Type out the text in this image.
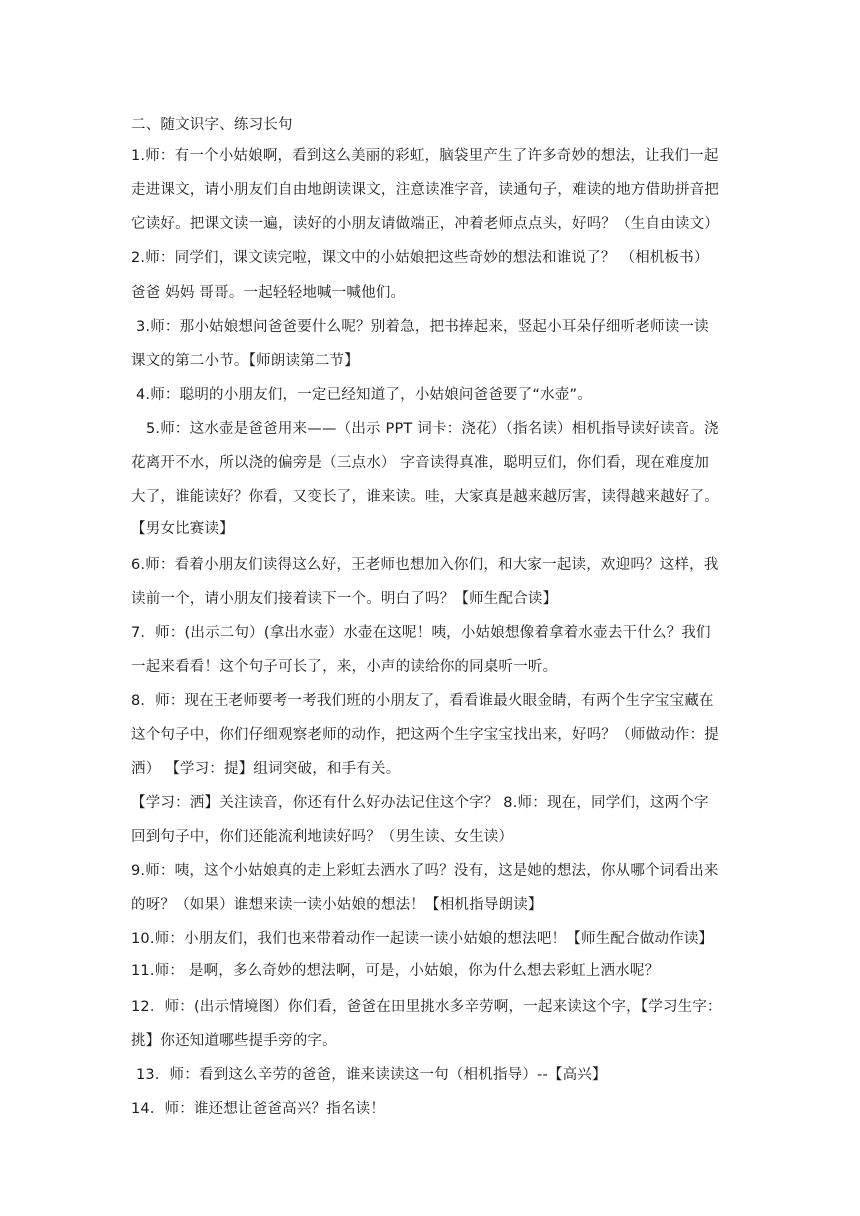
二、随文识字、练习长句

1.师：有一个小姑娘啊，看到这么美丽的彩虹，脑袋里产生了许多奇妙的想法，让我们一起

走进课文，请小朋友们自由地朗读课文，注意读准字音，读通句子，难读的地方借助拼音把

它读好。把课文读一遍，读好的小朋友请做端正，冲着老师点点头，好吗？（生自由读文）

2.师：同学们，课文读完啦，课文中的小姑娘把这些奇妙的想法和谁说了？ （相机板书）

爸爸 妈妈 哥哥。一起轻轻地喊一喊他们。

3.师：那小姑娘想问爸爸要什么呢？别着急，把书捧起来，竖起小耳朵仔细听老师读一读

课文的第二小节。【师朗读第二节】

4.师：聪明的小朋友们，一定已经知道了，小姑娘问爸爸要了“水壶”。

5.师：这水壶是爸爸用来——（出示 PPT 词卡：浇花）（指名读）相机指导读好读音。浇

花离开不水，所以浇的偏旁是（三点水） 字音读得真准，聪明豆们，你们看，现在难度加

大了，谁能读好？你看，又变长了，谁来读。哇，大家真是越来越厉害，读得越来越好了。

【男女比赛读】

6.师：看着小朋友们读得这么好，王老师也想加入你们，和大家一起读，欢迎吗？这样，我

读前一个，请小朋友们接着读下一个。明白了吗？【师生配合读】

7．师：(出示二句）(拿出水壶）水壶在这呢！咦，小姑娘想像着拿着水壶去干什么？我们

一起来看看！这个句子可长了，来，小声的读给你的同桌听一听。

8．师：现在王老师要考一考我们班的小朋友了，看看谁最火眼金睛，有两个生字宝宝藏在

这个句子中，你们仔细观察老师的动作，把这两个生字宝宝找出来，好吗？（师做动作：提

洒） 【学习：提】组词突破，和手有关。

【学习：洒】关注读音，你还有什么好办法记住这个字？ 8.师：现在，同学们，这两个字

回到句子中，你们还能流利地读好吗？（男生读、女生读）

9.师：咦，这个小姑娘真的走上彩虹去洒水了吗？没有，这是她的想法，你从哪个词看出来

的呀？（如果）谁想来读一读小姑娘的想法！【相机指导朗读】

10.师：小朋友们，我们也来带着动作一起读一读小姑娘的想法吧！【师生配合做动作读】

11.师： 是啊，多么奇妙的想法啊，可是，小姑娘，你为什么想去彩虹上洒水呢？

12．师：(出示情境图）你们看，爸爸在田里挑水多辛劳啊，一起来读这个字，【学习生字：

挑】你还知道哪些提手旁的字。

13．师：看到这么辛劳的爸爸，谁来读读这一句（相机指导）--【高兴】

14．师：谁还想让爸爸高兴？指名读！
